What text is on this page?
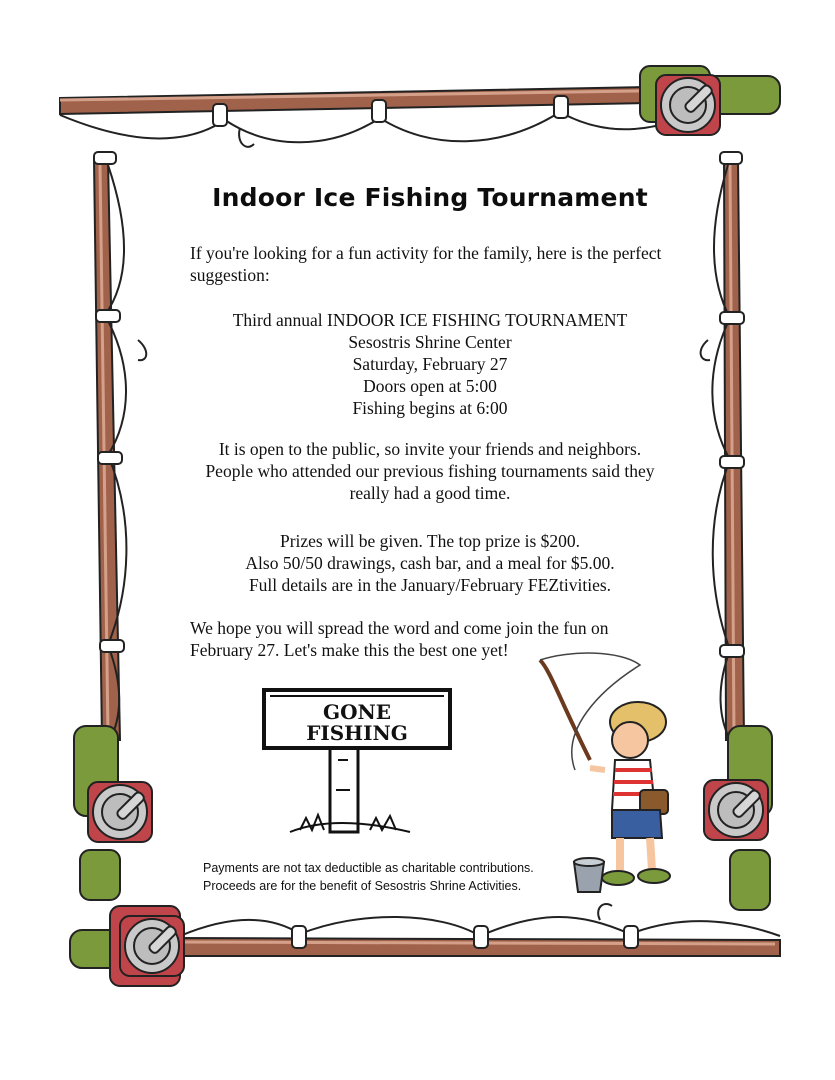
GONE
FISHING
Indoor Ice Fishing Tournament
If you're looking for a fun activity for the family, here is the perfect
suggestion:
Third annual INDOOR ICE FISHING TOURNAMENT
Sesostris Shrine Center
Saturday, February 27
Doors open at 5:00
Fishing begins at 6:00
It is open to the public, so invite your friends and neighbors.
People who attended our previous fishing tournaments said they
really had a good time.
Prizes will be given. The top prize is $200.
Also 50/50 drawings, cash bar, and a meal for $5.00.
Full details are in the January/February FEZtivities.
We hope you will spread the word and come join the fun on
February 27. Let's make this the best one yet!
Payments are not tax deductible as charitable contributions.
Proceeds are for the benefit of Sesostris Shrine Activities.
